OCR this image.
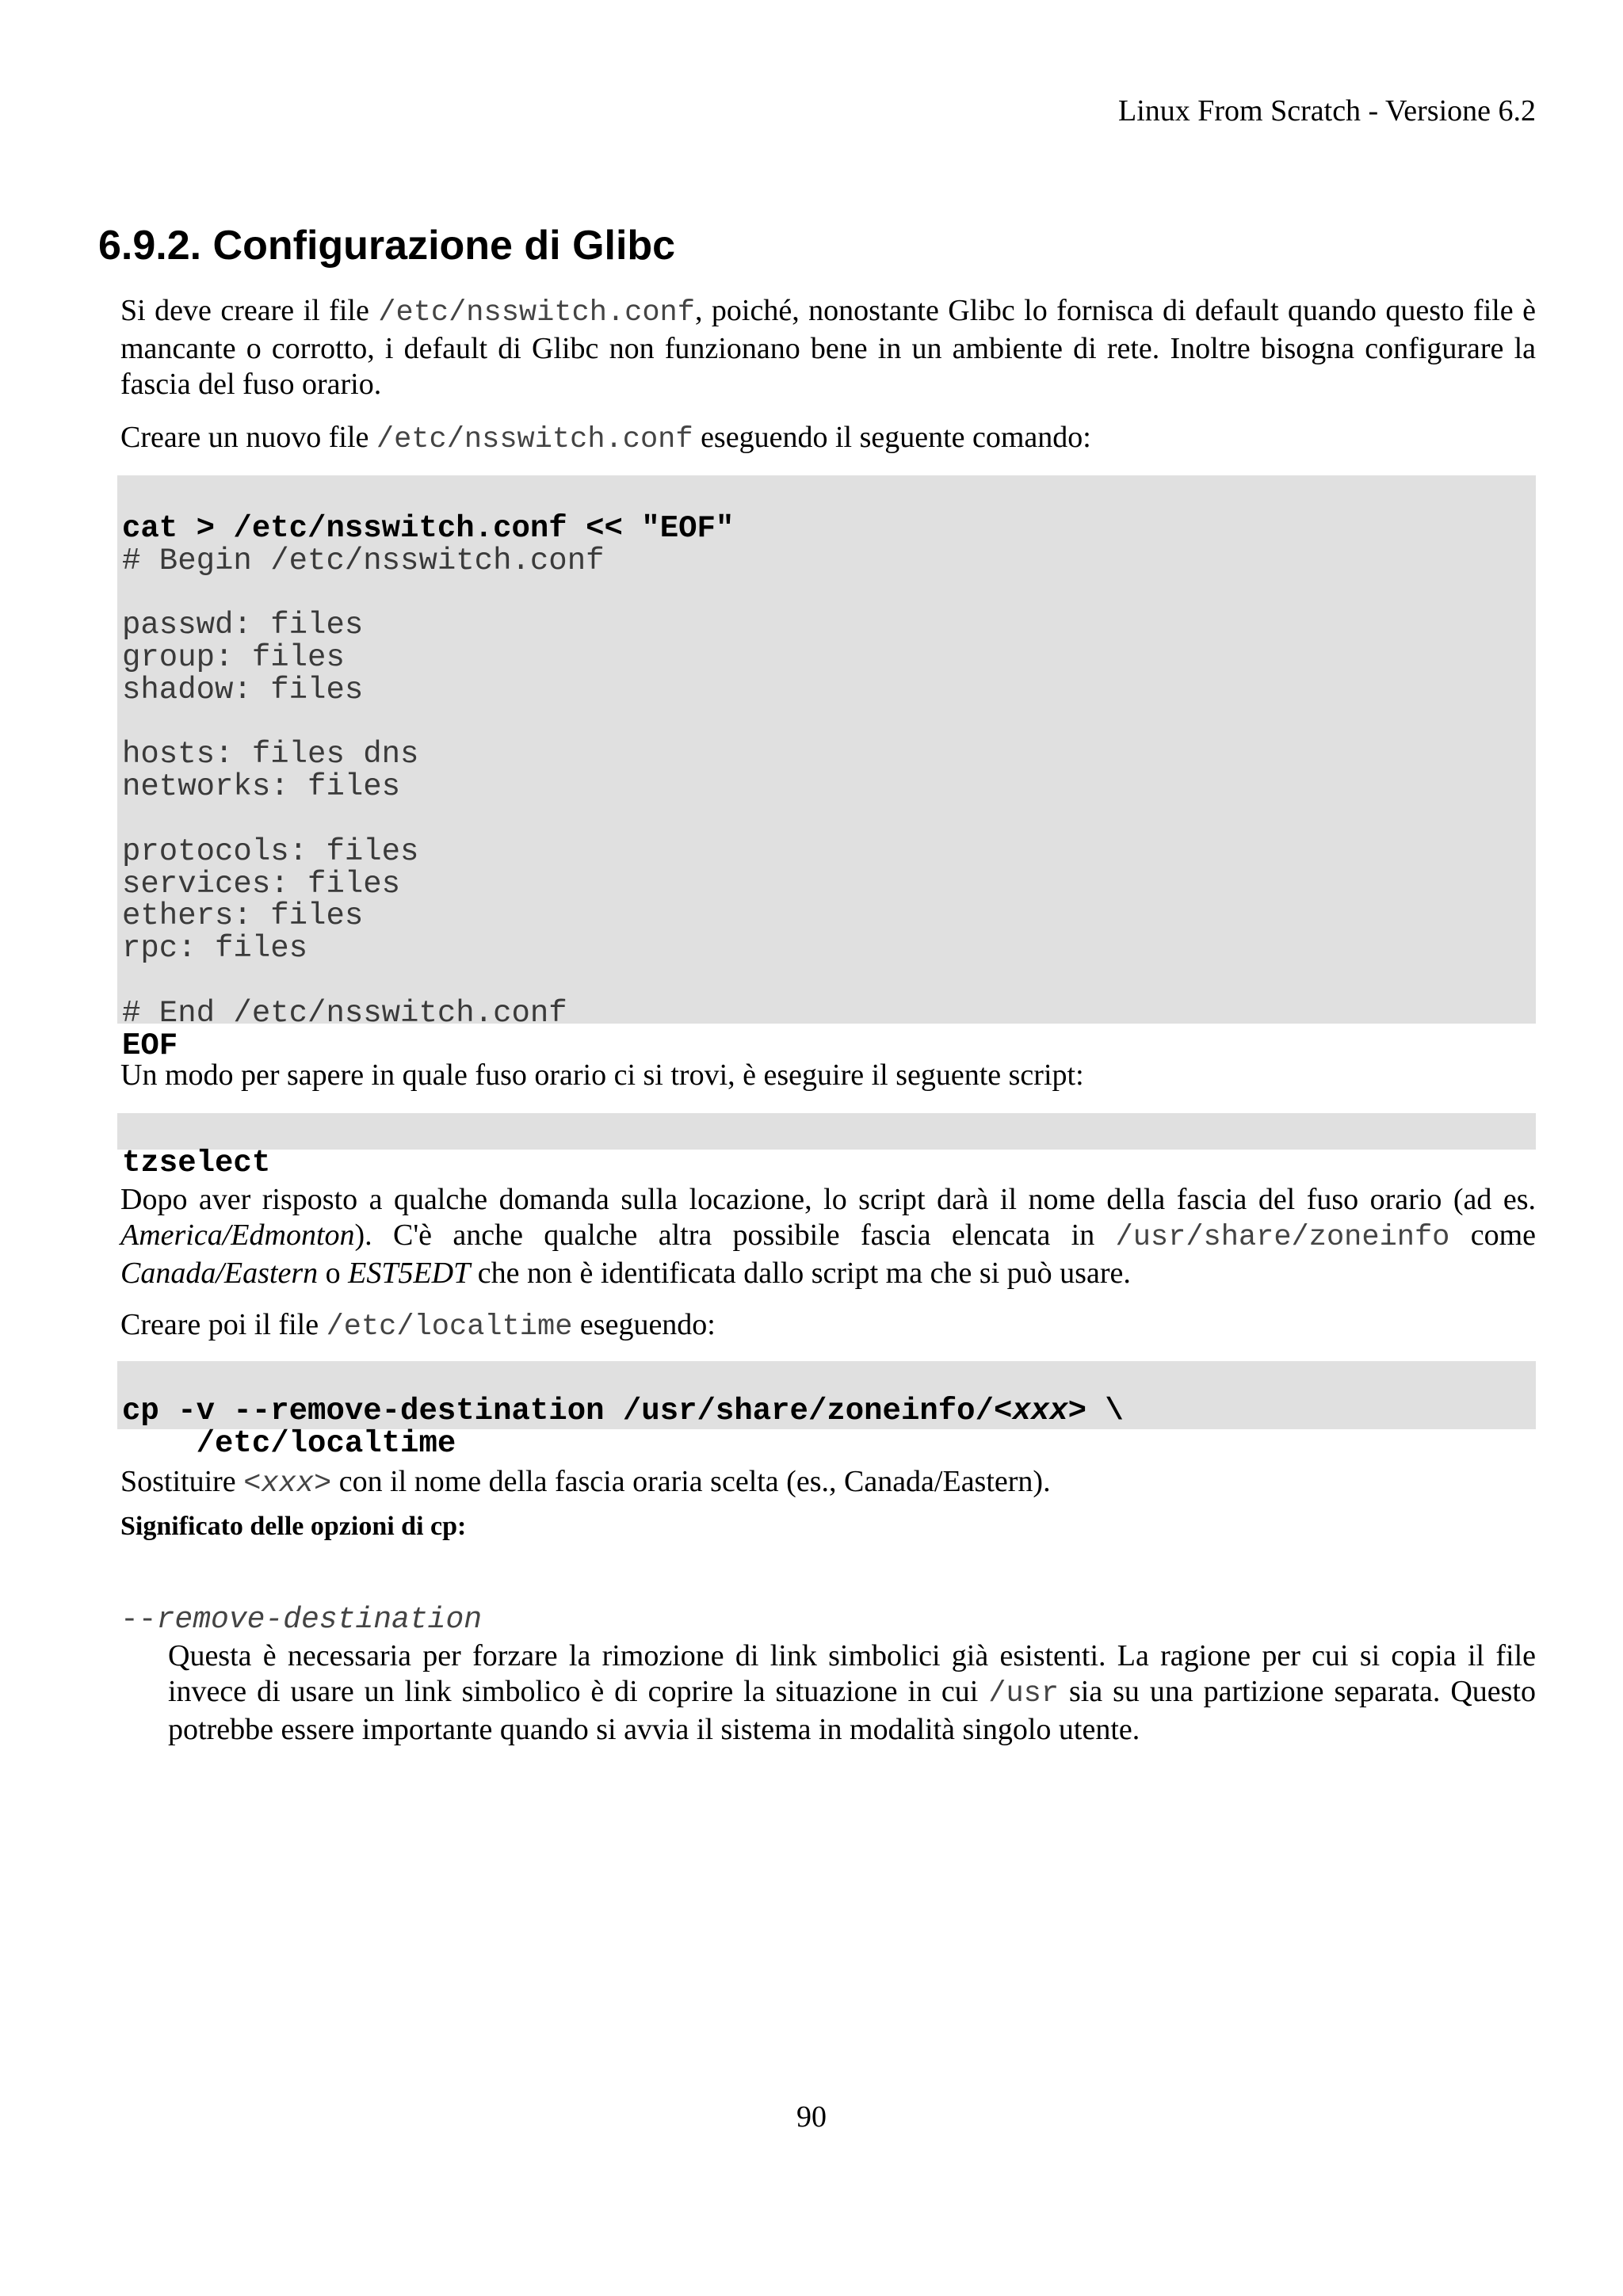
Linux From Scratch - Versione 6.2
6.9.2. Configurazione di Glibc

Si deve creare il file /etc/nsswitch.conf, poiché, nonostante Glibc lo fornisca di default quando questo file è mancante o corrotto, i default di Glibc non funzionano bene in un ambiente di rete. Inoltre bisogna configurare la fascia del fuso orario.

Creare un nuovo file /etc/nsswitch.conf eseguendo il seguente comando:

cat > /etc/nsswitch.conf << "EOF"
# Begin /etc/nsswitch.conf
passwd: files
group: files
shadow: files
hosts: files dns
networks: files
protocols: files
services: files
ethers: files
rpc: files
# End /etc/nsswitch.conf
EOF

Un modo per sapere in quale fuso orario ci si trovi, è eseguire il seguente script:

tzselect

Dopo aver risposto a qualche domanda sulla locazione, lo script darà il nome della fascia del fuso orario (ad es. America/Edmonton). C'è anche qualche altra possibile fascia elencata in /usr/share/zoneinfo come Canada/Eastern o EST5EDT che non è identificata dallo script ma che si può usare.

Creare poi il file /etc/localtime eseguendo:

cp -v --remove-destination /usr/share/zoneinfo/<xxx> \
/etc/localtime

Sostituire <xxx> con il nome della fascia oraria scelta (es., Canada/Eastern).

Significato delle opzioni di cp:
--remove-destination
Questa è necessaria per forzare la rimozione di link simbolici già esistenti. La ragione per cui si copia il file invece di usare un link simbolico è di coprire la situazione in cui /usr sia su una partizione separata. Questo potrebbe essere importante quando si avvia il sistema in modalità singolo utente.
90
